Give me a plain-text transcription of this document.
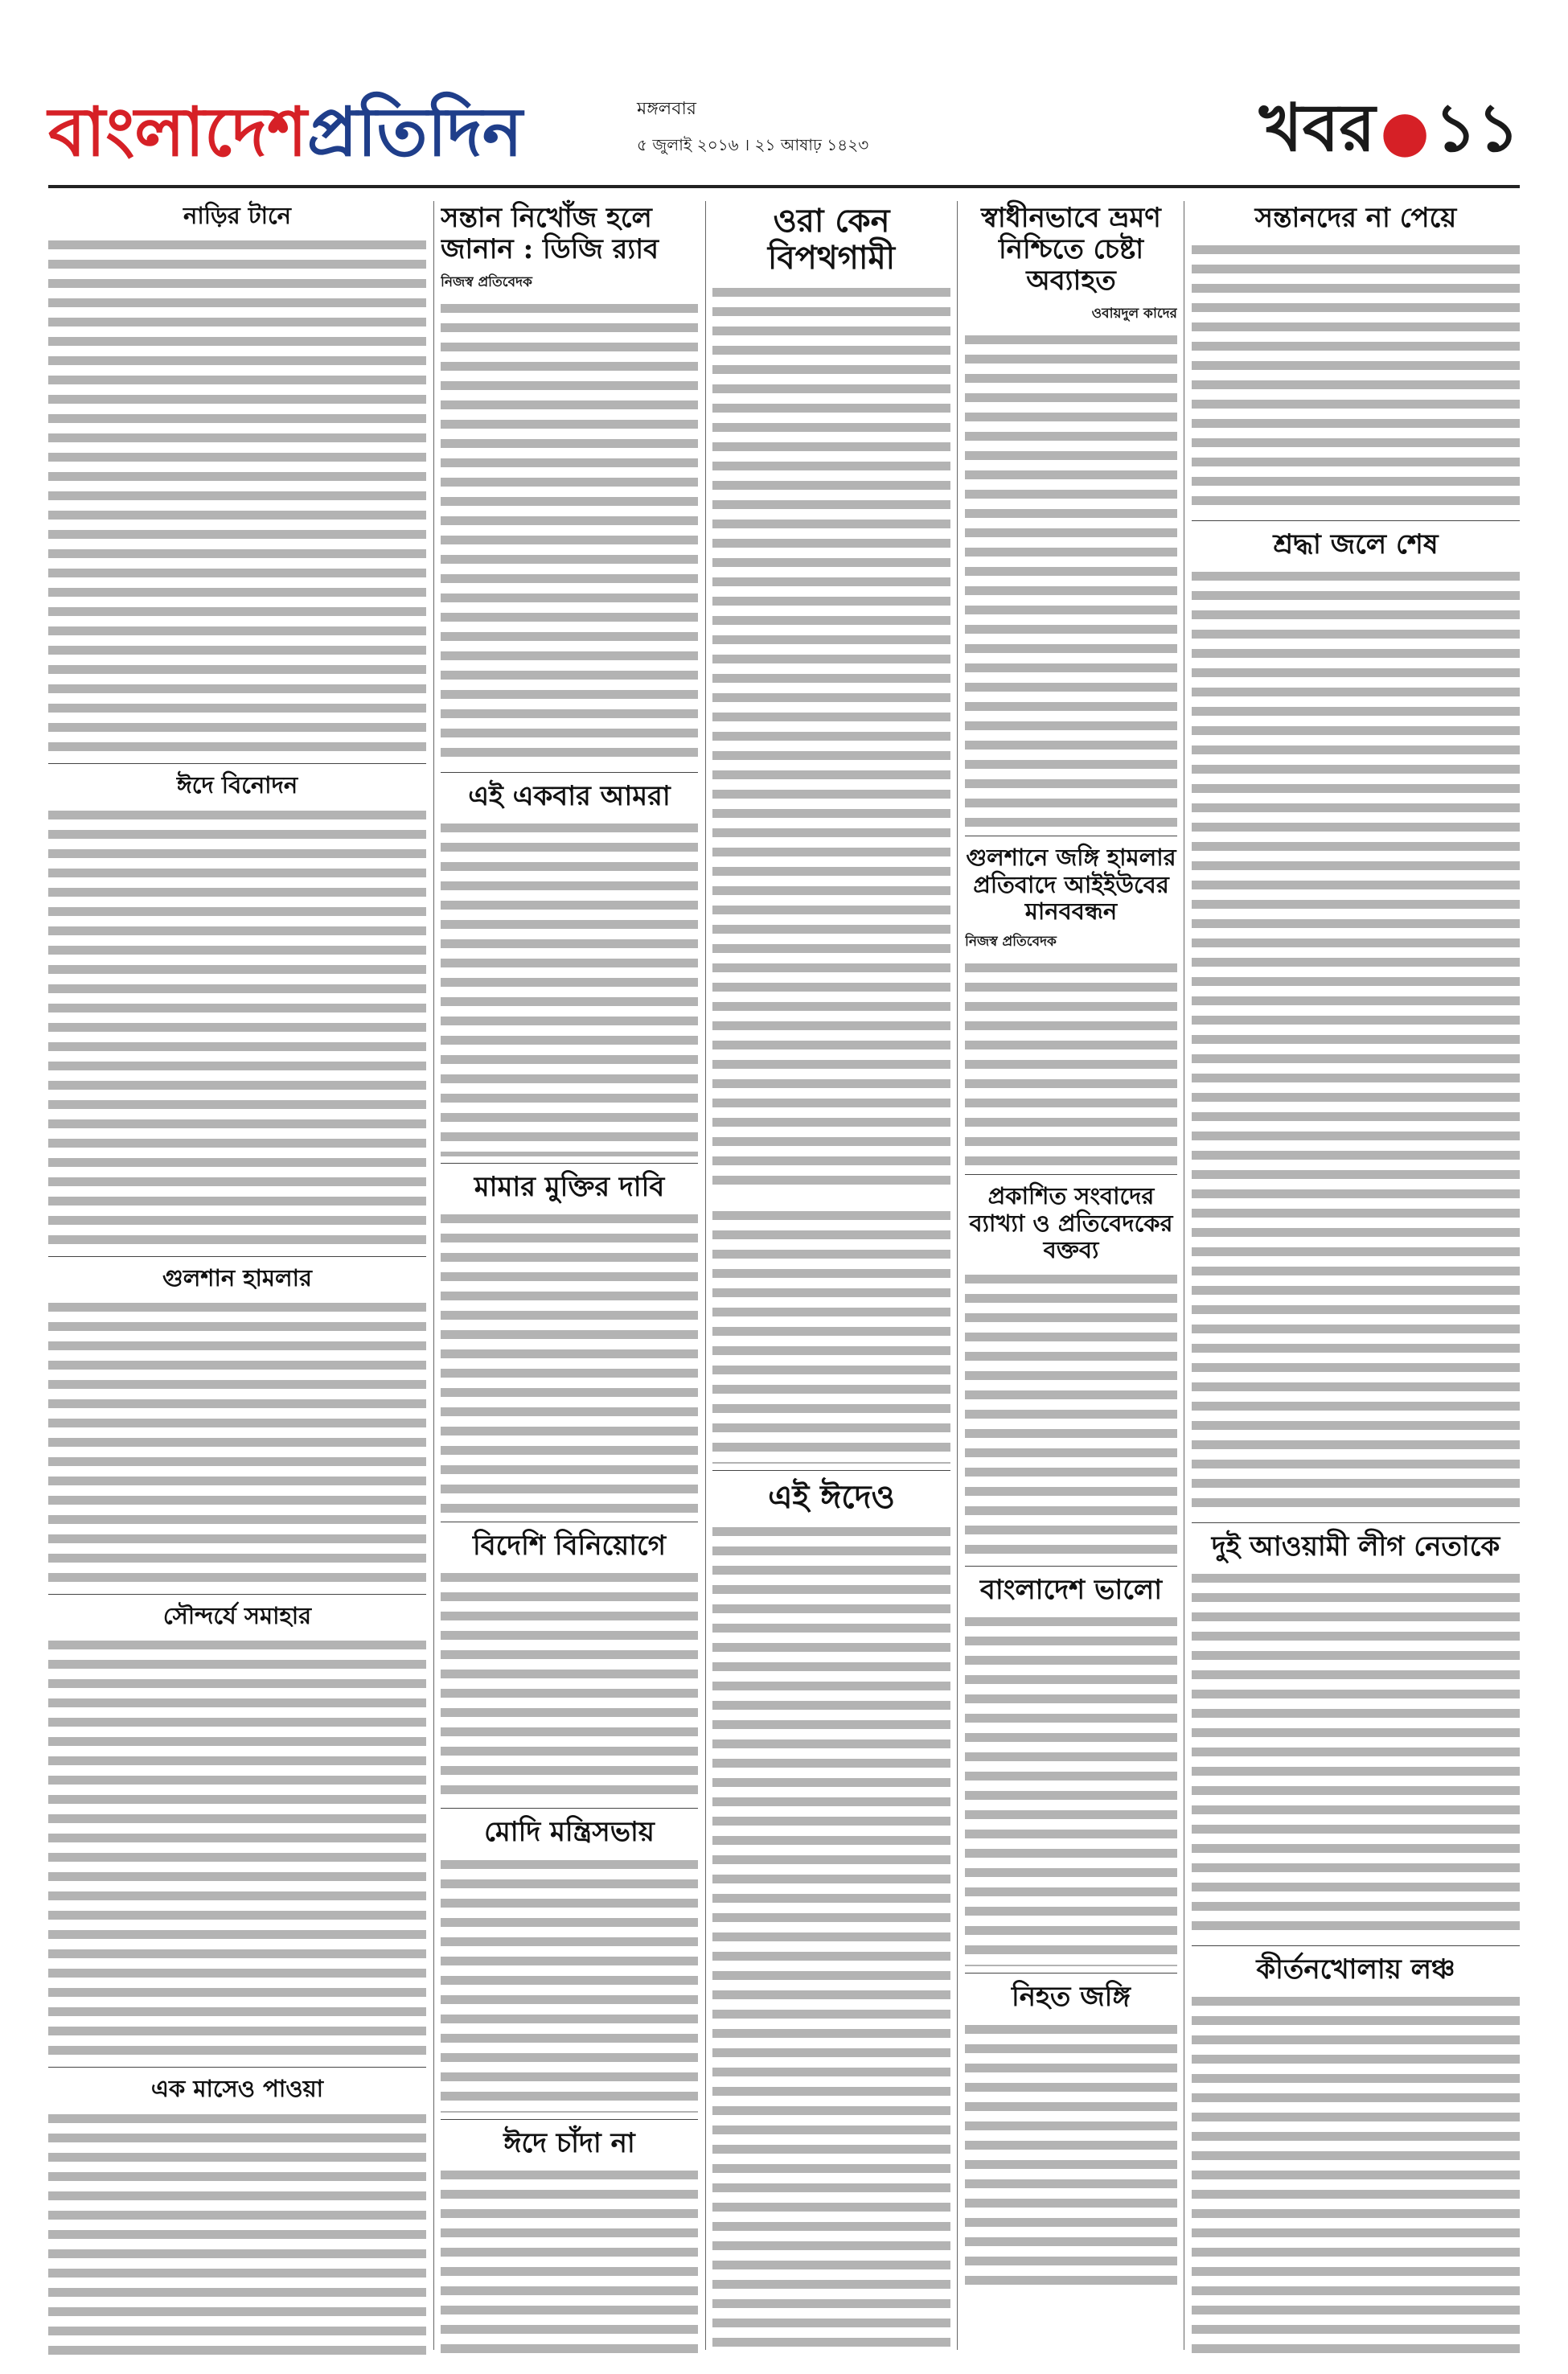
বাংলাদেশপ্রতিদিন	মঙ্গলবার
৫ জুলাই ২০১৬ । ২১ আষাঢ় ১৪২৩	খবর●১১
নাড়ির টানে
ঈদে বিনোদন
গুলশান হামলার
সৌন্দর্যে সমাহার
এক মাসেও পাওয়া
সন্তান নিখোঁজ হলে জানান : ডিজি র‍্যাব
নিজস্ব প্রতিবেদক
এই একবার আমরা
মামার মুক্তির দাবি
বিদেশি বিনিয়োগে
মোদি মন্ত্রিসভায়
ঈদে চাঁদা না
ওরা কেন বিপথগামী
এই ঈদেও
স্বাধীনভাবে ভ্রমণ নিশ্চিতে চেষ্টা অব্যাহত
ওবায়দুল কাদের
গুলশানে জঙ্গি হামলার প্রতিবাদে আইইউবের মানববন্ধন
নিজস্ব প্রতিবেদক
প্রকাশিত সংবাদের ব্যাখ্যা ও প্রতিবেদকের বক্তব্য
বাংলাদেশ ভালো
নিহত জঙ্গি
সন্তানদের না পেয়ে
শ্রদ্ধা জলে শেষ
দুই আওয়ামী লীগ নেতাকে
কীর্তনখোলায় লঞ্চ
